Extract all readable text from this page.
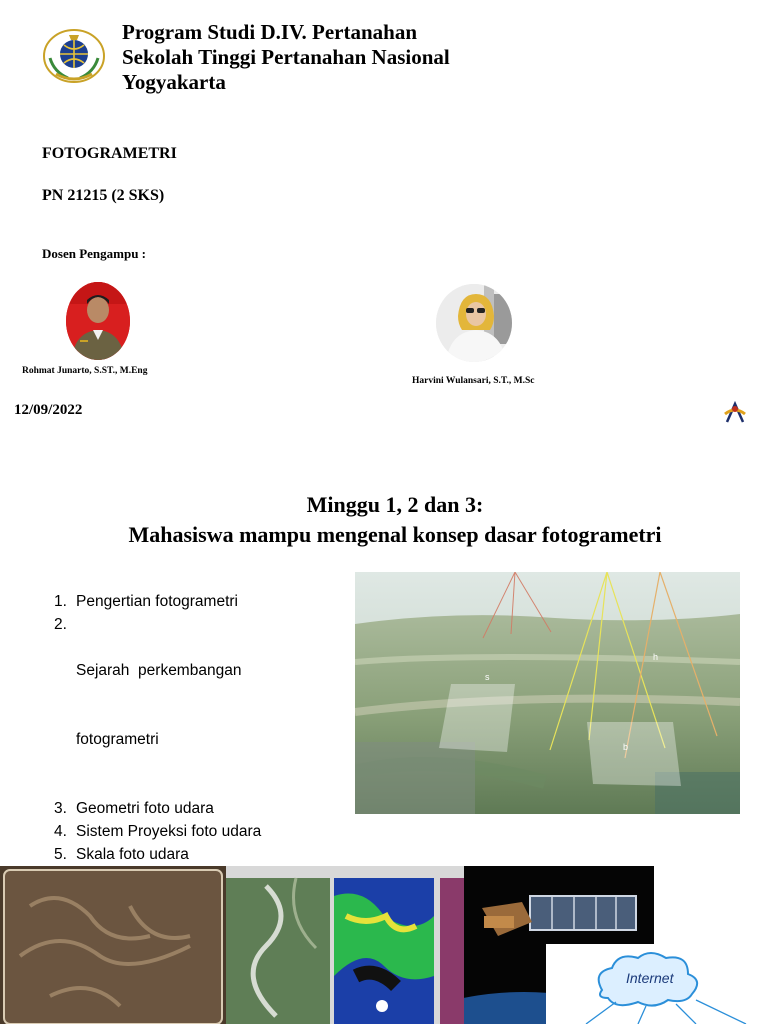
Program Studi D.IV. Pertanahan
Sekolah Tinggi Pertanahan Nasional
Yogyakarta
FOTOGRAMETRI
PN 21215 (2 SKS)
Dosen Pengampu :
Rohmat Junarto, S.ST., M.Eng
Harvini Wulansari, S.T., M.Sc
12/09/2022
Minggu 1, 2 dan 3:
Mahasiswa mampu mengenal konsep dasar fotogrametri
1. Pengertian fotogrametri
2.

Sejarah  perkembangan

fotogrametri

3. Geometri foto udara
4. Sistem Proyeksi foto udara
5. Skala foto udara
s
h
b
Internet
